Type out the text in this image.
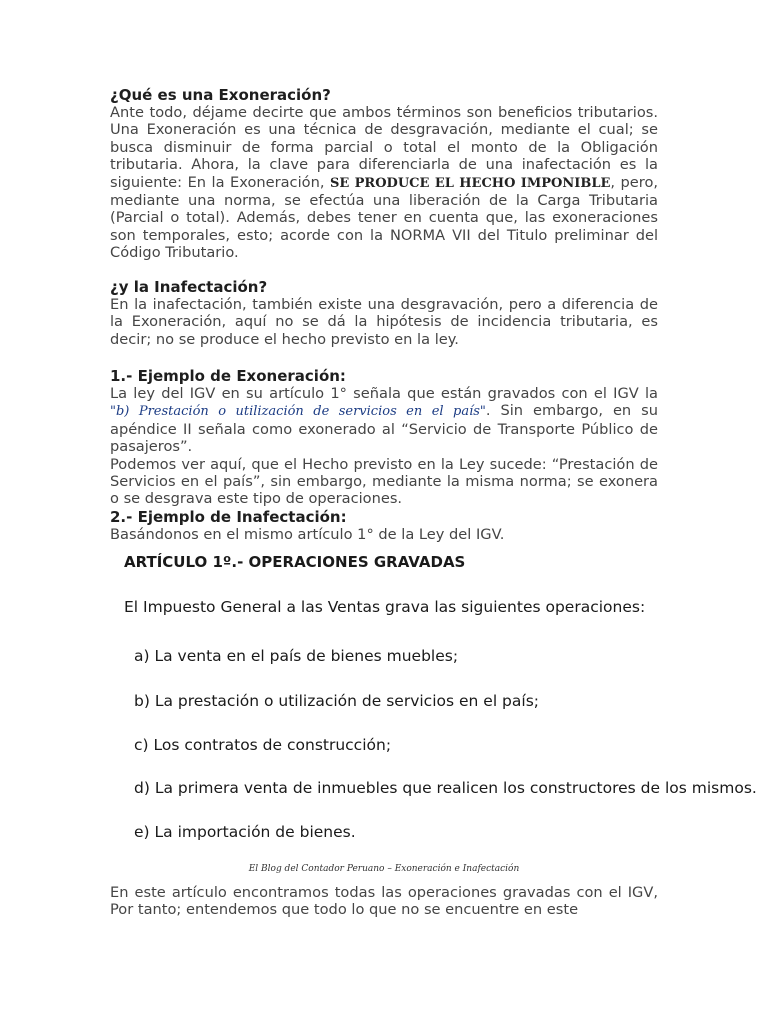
¿Qué es una Exoneración?

Ante todo, déjame decirte que ambos términos son beneficios tributarios. Una Exoneración es una técnica de desgravación, mediante el cual; se busca disminuir de forma parcial o total el monto de la Obligación tributaria. Ahora, la clave para diferenciarla de una inafectación es la siguiente: En la Exoneración, SE PRODUCE EL HECHO IMPONIBLE, pero, mediante una norma, se efectúa una liberación de la Carga Tributaria (Parcial o total). Además, debes tener en cuenta que, las exoneraciones son temporales, esto; acorde con la NORMA VII del Titulo preliminar del Código Tributario.

¿y la Inafectación?

En la inafectación, también existe una desgravación, pero a diferencia de la Exoneración, aquí no se dá la hipótesis de incidencia tributaria, es decir; no se produce el hecho previsto en la ley.

1.- Ejemplo de Exoneración:

La ley del IGV en su artículo 1° señala que están gravados con el IGV la "b) Prestación o utilización de servicios en el país". Sin embargo, en su apéndice II señala como exonerado al “Servicio de Transporte Público de pasajeros”.

Podemos ver aquí, que el Hecho previsto en la Ley sucede: “Prestación de Servicios en el país”, sin embargo, mediante la misma norma; se exonera o se desgrava este tipo de operaciones.

2.- Ejemplo de Inafectación:

Basándonos en el mismo artículo 1° de la Ley del IGV.

ARTÍCULO 1º.- OPERACIONES GRAVADAS
El Impuesto General a las Ventas grava las siguientes operaciones:
a) La venta en el país de bienes muebles;
b) La prestación o utilización de servicios en el país;
c) Los contratos de construcción;
d) La primera venta de inmuebles que realicen los constructores de los mismos.
e) La importación de bienes.
El Blog del Contador Peruano – Exoneración e Inafectación

En este artículo encontramos todas las operaciones gravadas con el IGV, Por tanto; entendemos que todo lo que no se encuentre en este
